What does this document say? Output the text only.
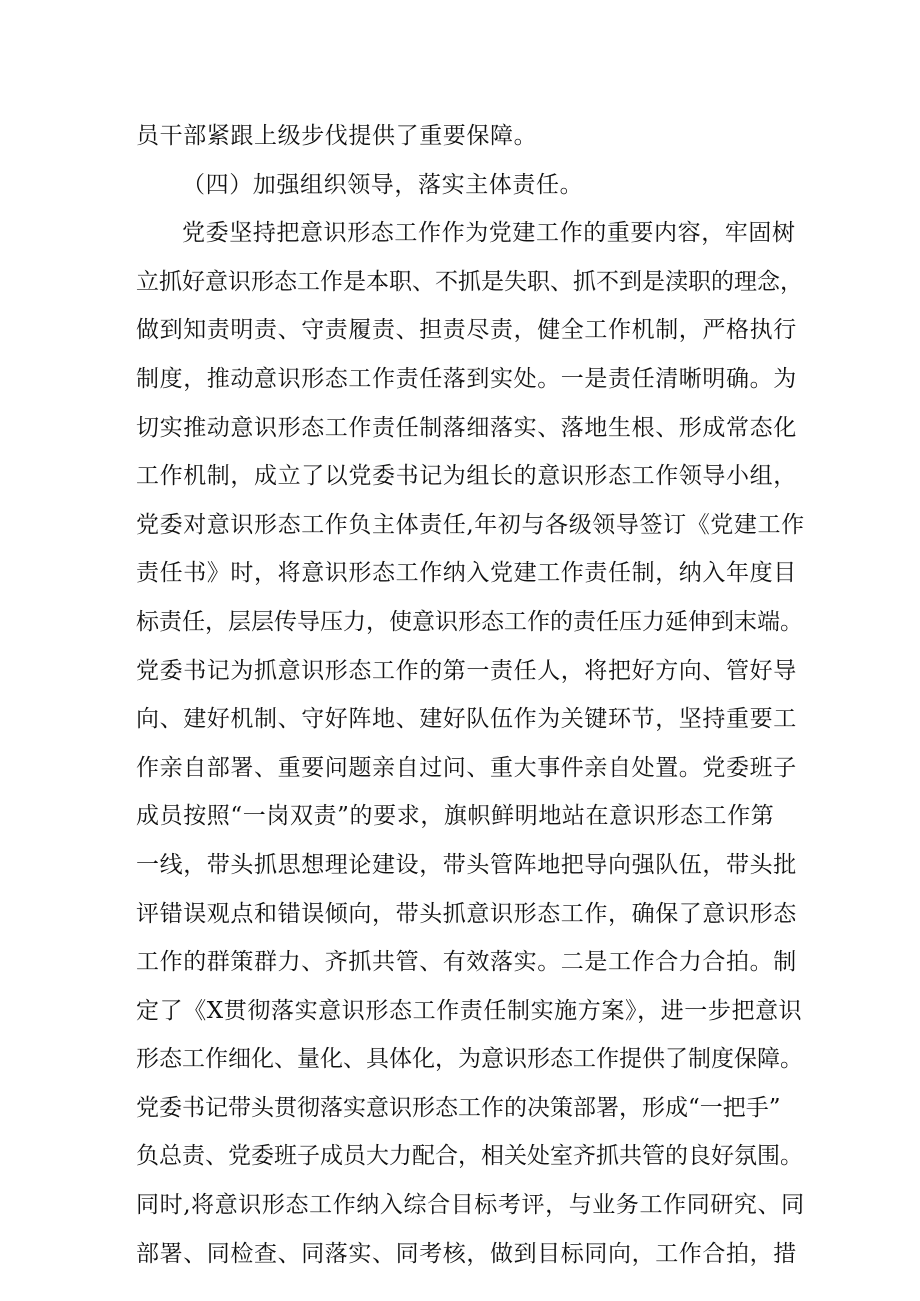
员干部紧跟上级步伐提供了重要保障。
（四）加强组织领导，落实主体责任。
党委坚持把意识形态工作作为党建工作的重要内容，牢固树
立抓好意识形态工作是本职、不抓是失职、抓不到是渎职的理念，
做到知责明责、守责履责、担责尽责，健全工作机制，严格执行
制度，推动意识形态工作责任落到实处。一是责任清晰明确。为
切实推动意识形态工作责任制落细落实、落地生根、形成常态化
工作机制，成立了以党委书记为组长的意识形态工作领导小组，
党委对意识形态工作负主体责任,年初与各级领导签订《党建工作
责任书》时，将意识形态工作纳入党建工作责任制，纳入年度目
标责任，层层传导压力，使意识形态工作的责任压力延伸到末端。
党委书记为抓意识形态工作的第一责任人，将把好方向、管好导
向、建好机制、守好阵地、建好队伍作为关键环节，坚持重要工
作亲自部署、重要问题亲自过问、重大事件亲自处置。党委班子
成员按照“一岗双责”的要求，旗帜鲜明地站在意识形态工作第
一线，带头抓思想理论建设，带头管阵地把导向强队伍，带头批
评错误观点和错误倾向，带头抓意识形态工作，确保了意识形态
工作的群策群力、齐抓共管、有效落实。二是工作合力合拍。制
定了《X贯彻落实意识形态工作责任制实施方案》，进一步把意识
形态工作细化、量化、具体化，为意识形态工作提供了制度保障。
党委书记带头贯彻落实意识形态工作的决策部署，形成“一把手”
负总责、党委班子成员大力配合，相关处室齐抓共管的良好氛围。
同时,将意识形态工作纳入综合目标考评，与业务工作同研究、同
部署、同检查、同落实、同考核，做到目标同向，工作合拍，措
